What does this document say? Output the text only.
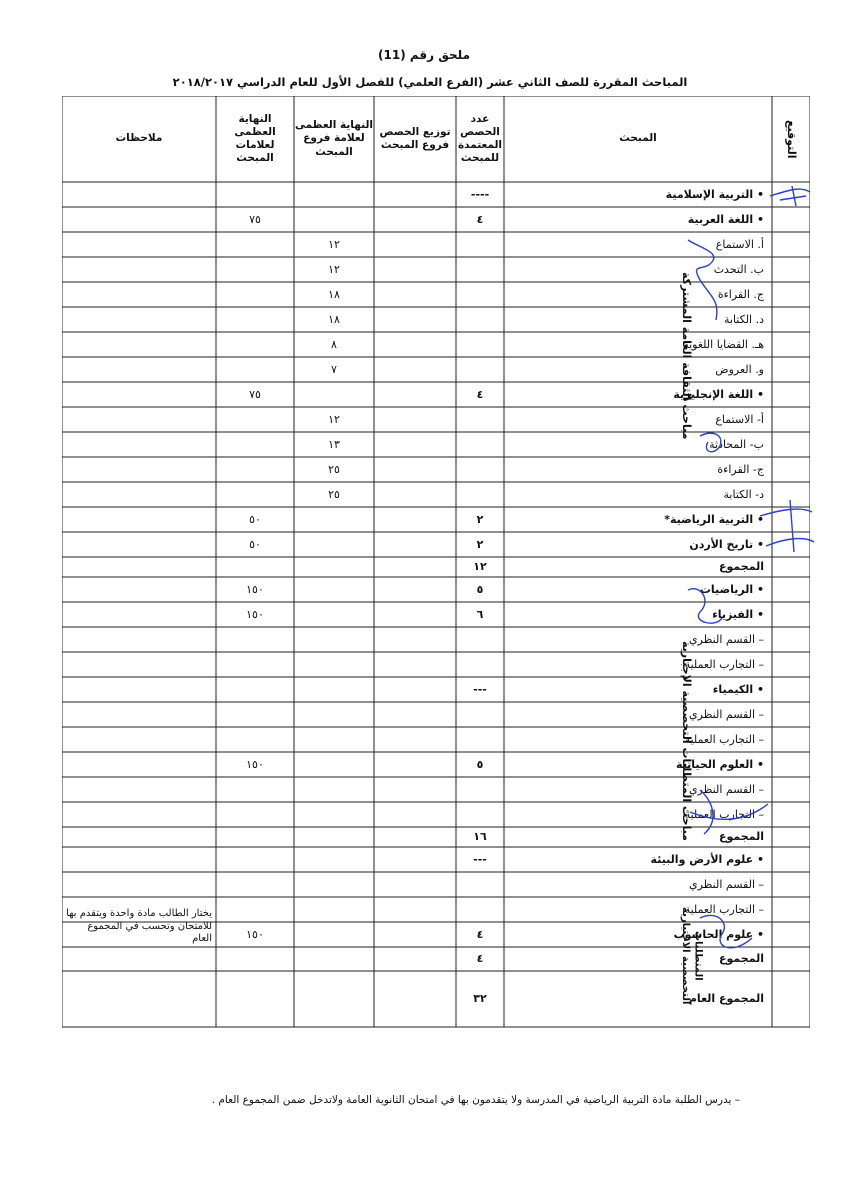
ملحق رقم (11)
المباحث المقررة للصف الثاني عشر (الفرع العلمي) للفصل الأول للعام الدراسي ٢٠١٨/٢٠١٧
ملاحظات
النهاية العظمى لعلامات المبحث
النهاية العظمى لعلامة فروع المبحث
توزيع الحصص فروع المبحث
عدد الحصص المعتمدة للمبحث
المبحث	التوقيع
• التربية الإسلامية
----
• اللغة العربية
٤
٧٥
أ. الاستماع
١٢
ب. التحدث
١٢
ج. القراءة
١٨
د. الكتابة
١٨
هـ. القضايا اللغوية
٨
و. العروض
٧
• اللغة الإنجليزية
٤
٧٥
أ- الاستماع
١٢
ب- المحادثة
١٣
ج- القراءة
٢٥
د- الكتابة
٢٥
• التربية الرياضية*
٢
٥٠
• تاريخ الأردن
٢
٥٠
المجموع
١٢
• الرياضيات
٥
١٥٠
• الفيزياء
٦
١٥٠
– القسم النظري
– التجارب العملية
• الكيمياء
---
– القسم النظري
– التجارب العملية
• العلوم الحياتية
٥
١٥٠
– القسم النظري
– التجارب العملية
المجموع
١٦
• علوم الأرض والبيئة
---
– القسم النظري
– التجارب العملية
• علوم الحاسوب
٤
١٥٠
المجموع
٤
المجموع العام
٣٢
مباحث الثقافة العامة المشتركة
مباحث المتطلبات التخصصية الإجبارية
المتطلبات التخصصية الاختيارية
يختار الطالب مادة واحدة ويتقدم بها للامتحان وتحسب في المجموع العام
– يدرس الطلبة مادة التربية الرياضية في المدرسة ولا يتقدمون بها في امتحان الثانوية العامة ولاتدخل ضمن المجموع العام .
